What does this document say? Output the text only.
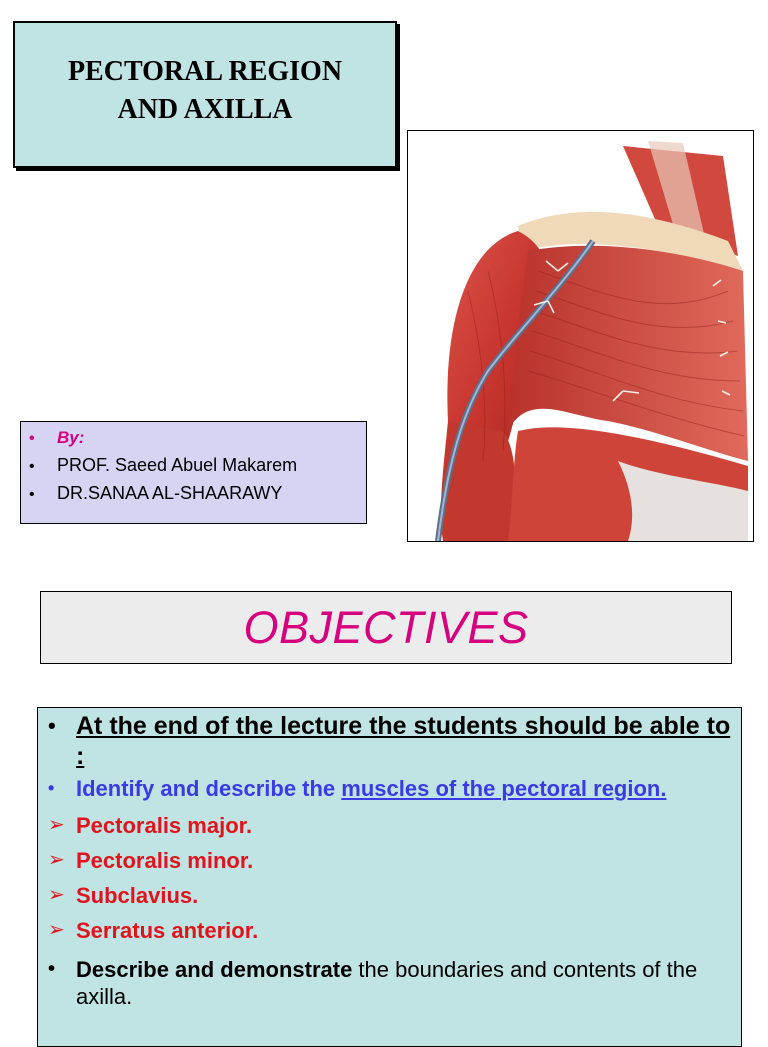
PECTORAL REGION
AND AXILLA
•	By:
•	PROF. Saeed Abuel Makarem
•	DR.SANAA AL-SHAARAWY
OBJECTIVES
• At the end of the lecture the students should be able to :
• Identify and describe the muscles of the pectoral region.
➢ Pectoralis major.
➢ Pectoralis minor.
➢ Subclavius.
➢ Serratus anterior.
• Describe and demonstrate the boundaries and contents of the axilla.
